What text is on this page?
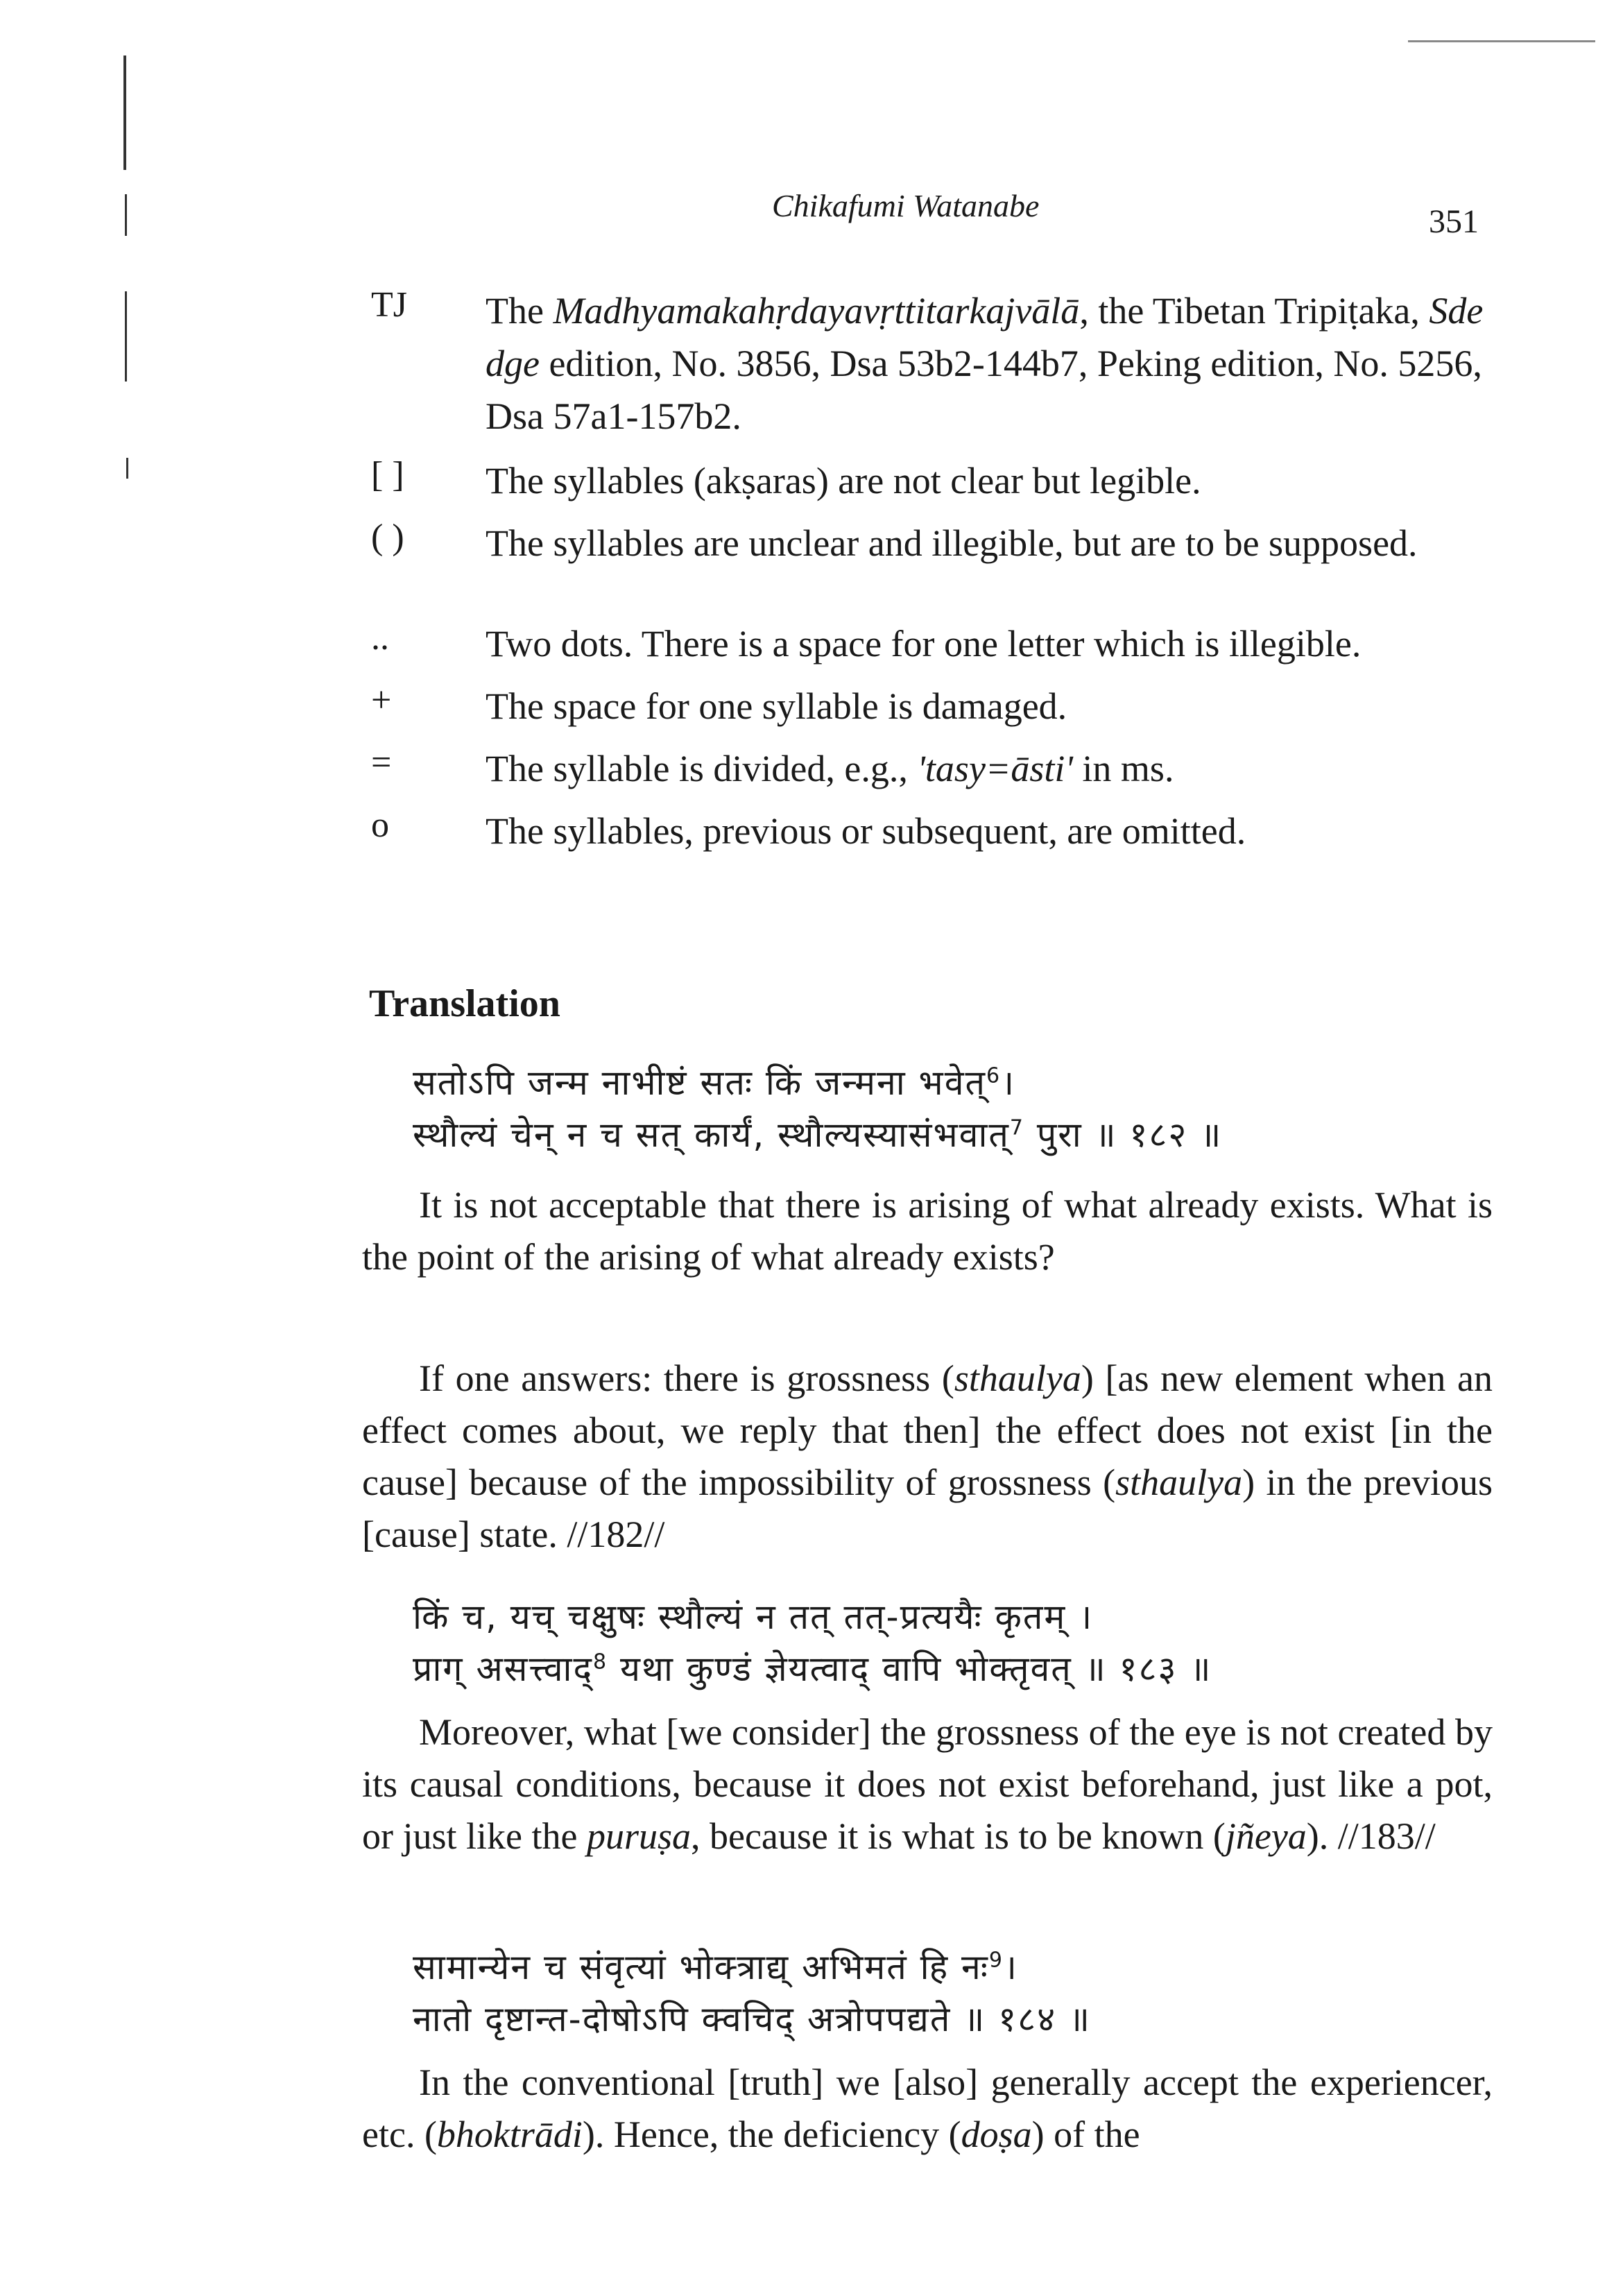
Chikafumi Watanabe	351
TJ The Madhyamakahṛdayavṛttitarkajvālā, the Tibetan Tripiṭaka, Sde dge edition, No. 3856, Dsa 53b2-144b7, Peking edition, No. 5256, Dsa 57a1-157b2.
[ ] The syllables (akṣaras) are not clear but legible.
( ) The syllables are unclear and illegible, but are to be supposed.
..	Two dots. There is a space for one letter which is illegible.
+	The space for one syllable is damaged.
=	The syllable is divided, e.g., 'tasy=āsti' in ms.
o	The syllables, previous or subsequent, are omitted.
Translation
सतोऽपि जन्म नाभीष्टं सतः किं जन्मना भवेत्$^6$।
स्थौल्यं चेन् न च सत् कार्यं, स्थौल्यस्यासंभवात्$^7$ पुरा ॥ १८२ ॥
It is not acceptable that there is arising of what already exists. What is the point of the arising of what already exists?
If one answers: there is grossness (sthaulya) [as new element when an effect comes about, we reply that then] the effect does not exist [in the cause] because of the impossibility of grossness (sthaulya) in the previous [cause] state. //182//
किं च, यच् चक्षुषः स्थौल्यं न तत् तत्-प्रत्ययैः कृतम् ।
प्राग् असत्त्वाद्$^8$ यथा कुण्डं ज्ञेयत्वाद् वापि भोक्तृवत् ॥ १८३ ॥
Moreover, what [we consider] the grossness of the eye is not created by its causal conditions, because it does not exist beforehand, just like a pot, or just like the puruṣa, because it is what is to be known (jñeya). //183//
सामान्येन च संवृत्यां भोक्त्राद्य् अभिमतं हि नः$^9$।
नातो दृष्टान्त-दोषोऽपि क्वचिद् अत्रोपपद्यते ॥ १८४ ॥
In the conventional [truth] we [also] generally accept the experiencer, etc. (bhoktrādi). Hence, the deficiency (doṣa) of the
